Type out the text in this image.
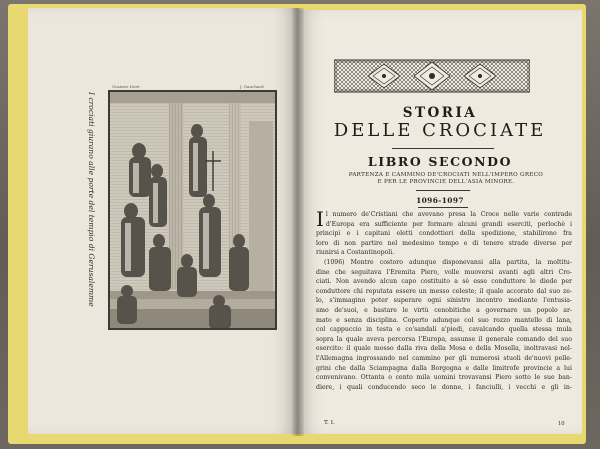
Gustave Doré	J. Gauchard
I crociati giurano alle porte del tempio di Gerusalemme	STORIA
DELLE CROCIATE
LIBRO SECONDO
PARTENZA E CAMMINO DE'CROCIATI NELL'IMPERO GRECO
E PER LE PROVINCIE DELL'ASIA MINORE.
1096-1097
I l numero de'Cristiani che avevano presa la Croce nelle varie contrade
d'Europa era sufficiente per formare alcuni grandi eserciti, perlochè i
principi e i capitani eletti condottieri della spedizione, stabilirono fra
loro di non partire nel medesimo tempo e di tenere strade diverse per
riunirsi a Costantinopoli.
(1096) Mentre costoro adunque disponevansi alla partita, la moltitu-
dine che seguitava l'Eremita Piero, volle muoversi avanti agli altri Cro-
ciati. Non avendo alcun capo costituito a sè esse conduttore le diede per
conduttore chi reputata essere un messo celeste; il quale accorato dal suo ze-
lo, s'immagino poter superare ogni sinistro incontro mediante l'entusia-
smo de'suoi, e bastare le virtù cenobitiche a governare un popolo ar-
mato e senza disciplina. Coperto adunque col suo rozzo mantello di lana,
col cappuccio in testa e co'sandali a'piedi, cavalcando quella stessa mula
sopra la quale aveva percorsa l'Europa, assunse il generale comando del suo
esercito: il quale mosso dalla riva della Mosa e della Mosella, inoltravasi nel-
l'Allemagna ingrossando nel cammino per gli numerosi stuoli de'nuovi pelle-
grini che dalla Sciampagna dalla Borgogna e dalle limitrofe provincie a lui
convenivano. Ottanta o cento mila uomini trovavansi Piero sotto le sue ban-
diere, i quali conducendo seco le donne, i fanciulli, i vecchi e gli in-
T. I.	10
